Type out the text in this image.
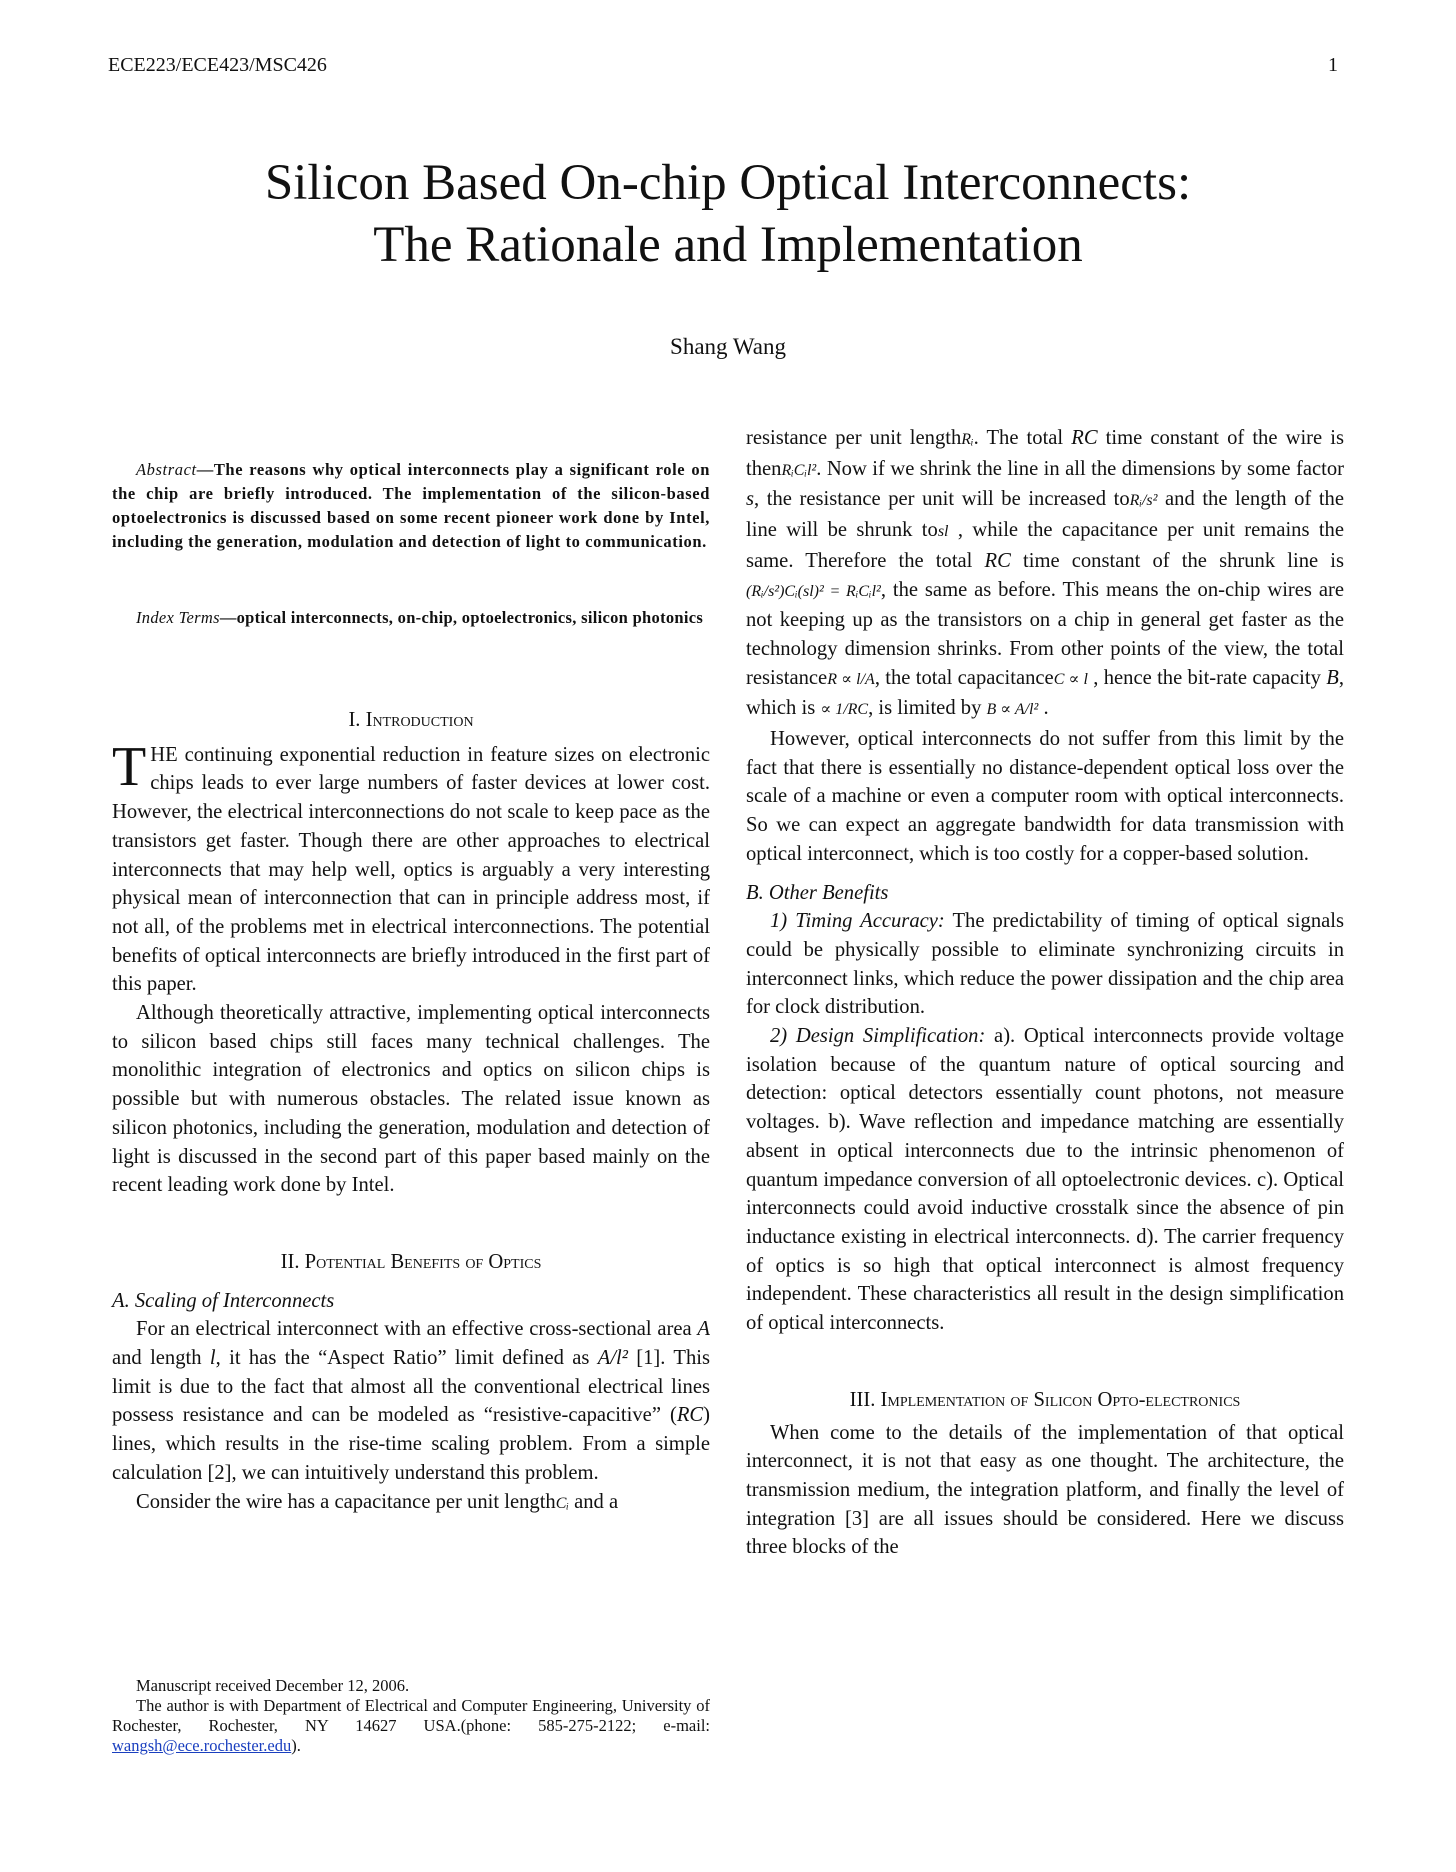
ECE223/ECE423/MSC426	1
Silicon Based On-chip Optical Interconnects:
The Rationale and Implementation
Shang Wang
Abstract—The reasons why optical interconnects play a significant role on the chip are briefly introduced. The implementation of the silicon-based optoelectronics is discussed based on some recent pioneer work done by Intel, including the generation, modulation and detection of light to communication.
Index Terms—optical interconnects, on-chip, optoelectronics, silicon photonics

I. Introduction

THE continuing exponential reduction in feature sizes on electronic chips leads to ever large numbers of faster devices at lower cost. However, the electrical interconnections do not scale to keep pace as the transistors get faster. Though there are other approaches to electrical interconnects that may help well, optics is arguably a very interesting physical mean of interconnection that can in principle address most, if not all, of the problems met in electrical interconnections. The potential benefits of optical interconnects are briefly introduced in the first part of this paper.

Although theoretically attractive, implementing optical interconnects to silicon based chips still faces many technical challenges. The monolithic integration of electronics and optics on silicon chips is possible but with numerous obstacles. The related issue known as silicon photonics, including the generation, modulation and detection of light is discussed in the second part of this paper based mainly on the recent leading work done by Intel.

II. Potential Benefits of Optics

A. Scaling of Interconnects

For an electrical interconnect with an effective cross-sectional area A and length l, it has the “Aspect Ratio” limit defined as A/l² [1]. This limit is due to the fact that almost all the conventional electrical lines possess resistance and can be modeled as “resistive-capacitive” (RC) lines, which results in the rise-time scaling problem. From a simple calculation [2], we can intuitively understand this problem.

Consider the wire has a capacitance per unit lengthCᵢ and a

resistance per unit lengthRᵢ. The total RC time constant of the wire is thenRᵢCᵢl². Now if we shrink the line in all the dimensions by some factor s, the resistance per unit will be increased toRᵢ/s² and the length of the line will be shrunk tosl , while the capacitance per unit remains the same. Therefore the total RC time constant of the shrunk line is (Rᵢ/s²)Cᵢ(sl)² = RᵢCᵢl², the same as before. This means the on-chip wires are not keeping up as the transistors on a chip in general get faster as the technology dimension shrinks. From other points of the view, the total resistanceR ∝ l/A, the total capacitanceC ∝ l , hence the bit-rate capacity B, which is ∝ 1/RC, is limited by B ∝ A/l² .

However, optical interconnects do not suffer from this limit by the fact that there is essentially no distance-dependent optical loss over the scale of a machine or even a computer room with optical interconnects. So we can expect an aggregate bandwidth for data transmission with optical interconnect, which is too costly for a copper-based solution.

B. Other Benefits

1) Timing Accuracy: The predictability of timing of optical signals could be physically possible to eliminate synchronizing circuits in interconnect links, which reduce the power dissipation and the chip area for clock distribution.

2) Design Simplification: a). Optical interconnects provide voltage isolation because of the quantum nature of optical sourcing and detection: optical detectors essentially count photons, not measure voltages. b). Wave reflection and impedance matching are essentially absent in optical interconnects due to the intrinsic phenomenon of quantum impedance conversion of all optoelectronic devices. c). Optical interconnects could avoid inductive crosstalk since the absence of pin inductance existing in electrical interconnects. d). The carrier frequency of optics is so high that optical interconnect is almost frequency independent. These characteristics all result in the design simplification of optical interconnects.

III. Implementation of Silicon Opto-electronics

When come to the details of the implementation of that optical interconnect, it is not that easy as one thought. The architecture, the transmission medium, the integration platform, and finally the level of integration [3] are all issues should be considered. Here we discuss three blocks of the

Manuscript received December 12, 2006.
The author is with Department of Electrical and Computer Engineering, University of Rochester, Rochester, NY 14627 USA.(phone: 585-275-2122; e-mail: wangsh@ece.rochester.edu).
